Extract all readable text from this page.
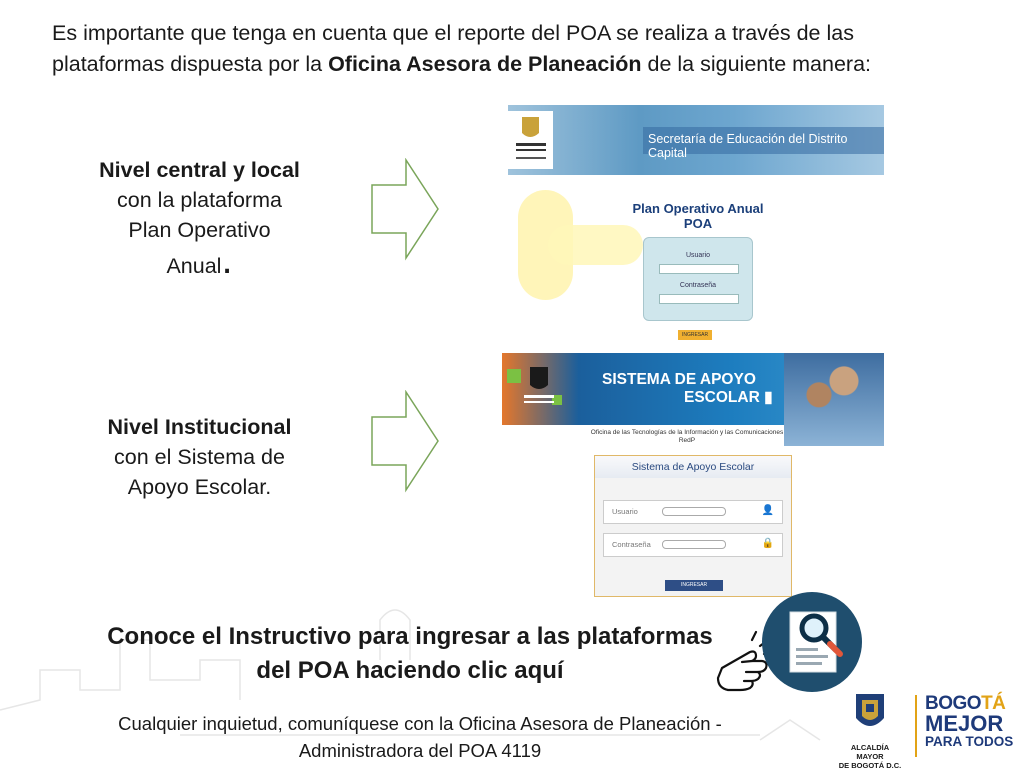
Es importante que tenga en cuenta que el reporte del POA se realiza a través de las plataformas dispuesta por la Oficina Asesora de Planeación de la siguiente manera:
Nivel central y local
con la plataforma
Plan Operativo
Anual.
Secretaría de Educación del Distrito Capital
Plan Operativo Anual
POA
Usuario
Contraseña
INGRESAR
Nivel Institucional
con el Sistema de
Apoyo Escolar.
SISTEMA DE APOYO
ESCOLAR ▮
Oficina de las Tecnologías de la Información y las Comunicaciones RedP
Sistema de Apoyo Escolar
Usuario	👤
Contraseña	🔒
INGRESAR
Conoce el Instructivo para ingresar a las plataformas
del POA haciendo clic aquí
Cualquier inquietud, comuníquese con la Oficina Asesora de Planeación -
Administradora del POA 4119	ALCALDÍA MAYOR
DE BOGOTÁ D.C.
BOGOTÁ
MEJOR
PARA TODOS
